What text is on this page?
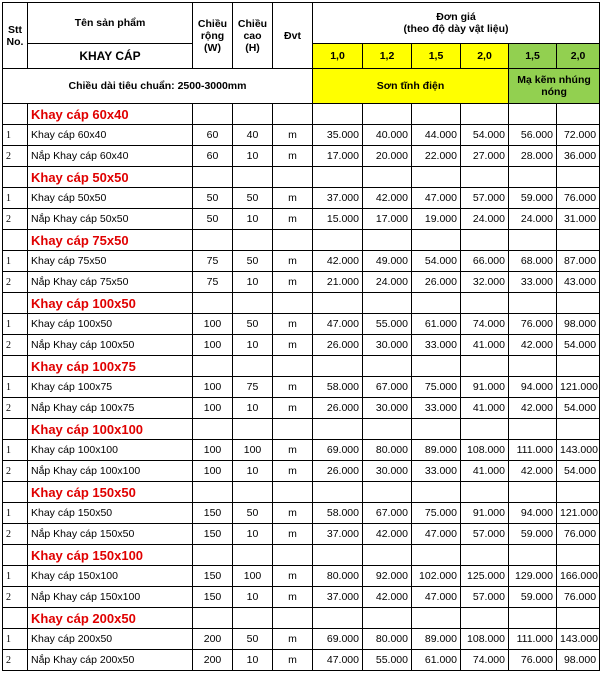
Stt No.	Tên sản phẩm	Chiều rộng (W)	Chiều cao (H)	Đvt	Đơn giá
(theo độ dày vật liệu)					

	KHAY CÁP				1,0	1,2	1,5	2,0	1,5	2,0
Chiều dài tiêu chuẩn: 2500-3000mm					Sơn tĩnh điện				Mạ kẽm nhúng nóng	
	Khay cáp 60x40									
1	Khay cáp 60x40	60	40	m	35.000	40.000	44.000	54.000	56.000	72.000
2	Nắp Khay cáp 60x40	60	10	m	17.000	20.000	22.000	27.000	28.000	36.000
	Khay cáp 50x50									
1	Khay cáp 50x50	50	50	m	37.000	42.000	47.000	57.000	59.000	76.000
2	Nắp Khay cáp 50x50	50	10	m	15.000	17.000	19.000	24.000	24.000	31.000
	Khay cáp 75x50									
1	Khay cáp 75x50	75	50	m	42.000	49.000	54.000	66.000	68.000	87.000
2	Nắp Khay cáp 75x50	75	10	m	21.000	24.000	26.000	32.000	33.000	43.000
	Khay cáp 100x50									
1	Khay cáp 100x50	100	50	m	47.000	55.000	61.000	74.000	76.000	98.000
2	Nắp Khay cáp 100x50	100	10	m	26.000	30.000	33.000	41.000	42.000	54.000
	Khay cáp 100x75									
1	Khay cáp 100x75	100	75	m	58.000	67.000	75.000	91.000	94.000	121.000
2	Nắp Khay cáp 100x75	100	10	m	26.000	30.000	33.000	41.000	42.000	54.000
	Khay cáp 100x100									
1	Khay cáp 100x100	100	100	m	69.000	80.000	89.000	108.000	111.000	143.000
2	Nắp Khay cáp 100x100	100	10	m	26.000	30.000	33.000	41.000	42.000	54.000
	Khay cáp 150x50									
1	Khay cáp 150x50	150	50	m	58.000	67.000	75.000	91.000	94.000	121.000
2	Nắp Khay cáp 150x50	150	10	m	37.000	42.000	47.000	57.000	59.000	76.000
	Khay cáp 150x100									
1	Khay cáp 150x100	150	100	m	80.000	92.000	102.000	125.000	129.000	166.000
2	Nắp Khay cáp 150x100	150	10	m	37.000	42.000	47.000	57.000	59.000	76.000
	Khay cáp 200x50									
1	Khay cáp 200x50	200	50	m	69.000	80.000	89.000	108.000	111.000	143.000
2	Nắp Khay cáp 200x50	200	10	m	47.000	55.000	61.000	74.000	76.000	98.000
